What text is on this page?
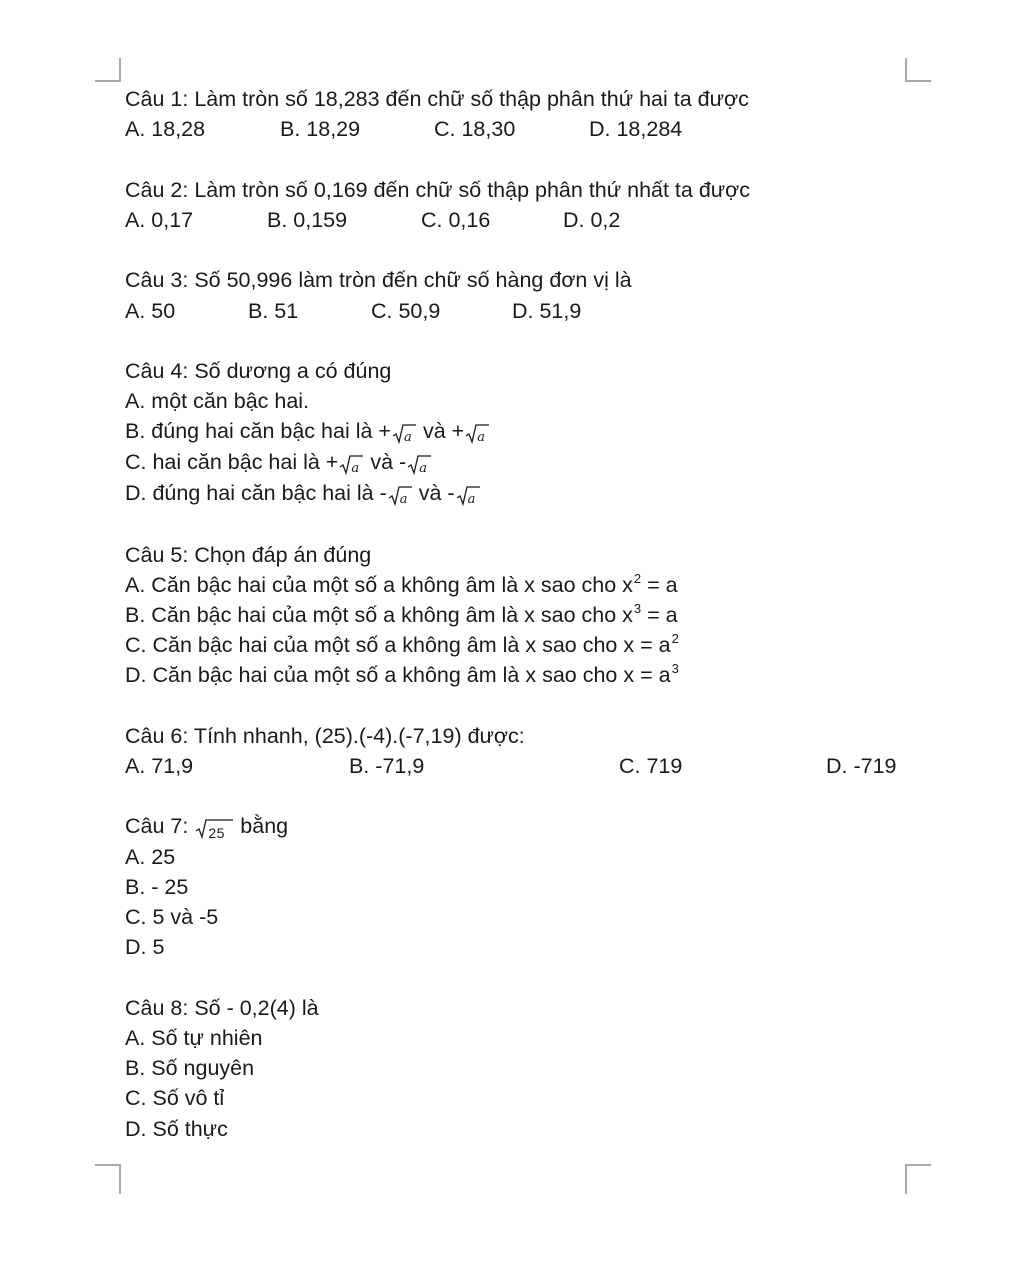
Câu 1: Làm tròn số 18,283 đến chữ số thập phân thứ hai ta được
A. 18,28	B. 18,29	C. 18,30	D. 18,284
Câu 2: Làm tròn số 0,169 đến chữ số thập phân thứ nhất ta được
A. 0,17	B. 0,159	C. 0,16	D. 0,2
Câu 3: Số 50,996 làm tròn đến chữ số hàng đơn vị là
A. 50	B. 51	C. 50,9	D. 51,9
Câu 4: Số dương a có đúng
A. một căn bậc hai.
B. đúng hai căn bậc hai là + a và + a
C. hai căn bậc hai là + a và - a
D. đúng hai căn bậc hai là - a và - a
Câu 5: Chọn đáp án đúng
A. Căn bậc hai của một số a không âm là x sao cho $x^2 = a$
B. Căn bậc hai của một số a không âm là x sao cho $x^3 = a$
C. Căn bậc hai của một số a không âm là x sao cho $x = a^2$
D. Căn bậc hai của một số a không âm là x sao cho $x = a^3$
Câu 6: Tính nhanh, (25).(-4).(-7,19) được:
A. 71,9	B. -71,9	C. 719	D. -719
Câu 7: 25 bằng
A. 25
B. - 25
C. 5 và -5
D. 5
Câu 8: Số - 0,2(4) là
A. Số tự nhiên
B. Số nguyên
C. Số vô tỉ
D. Số thực
